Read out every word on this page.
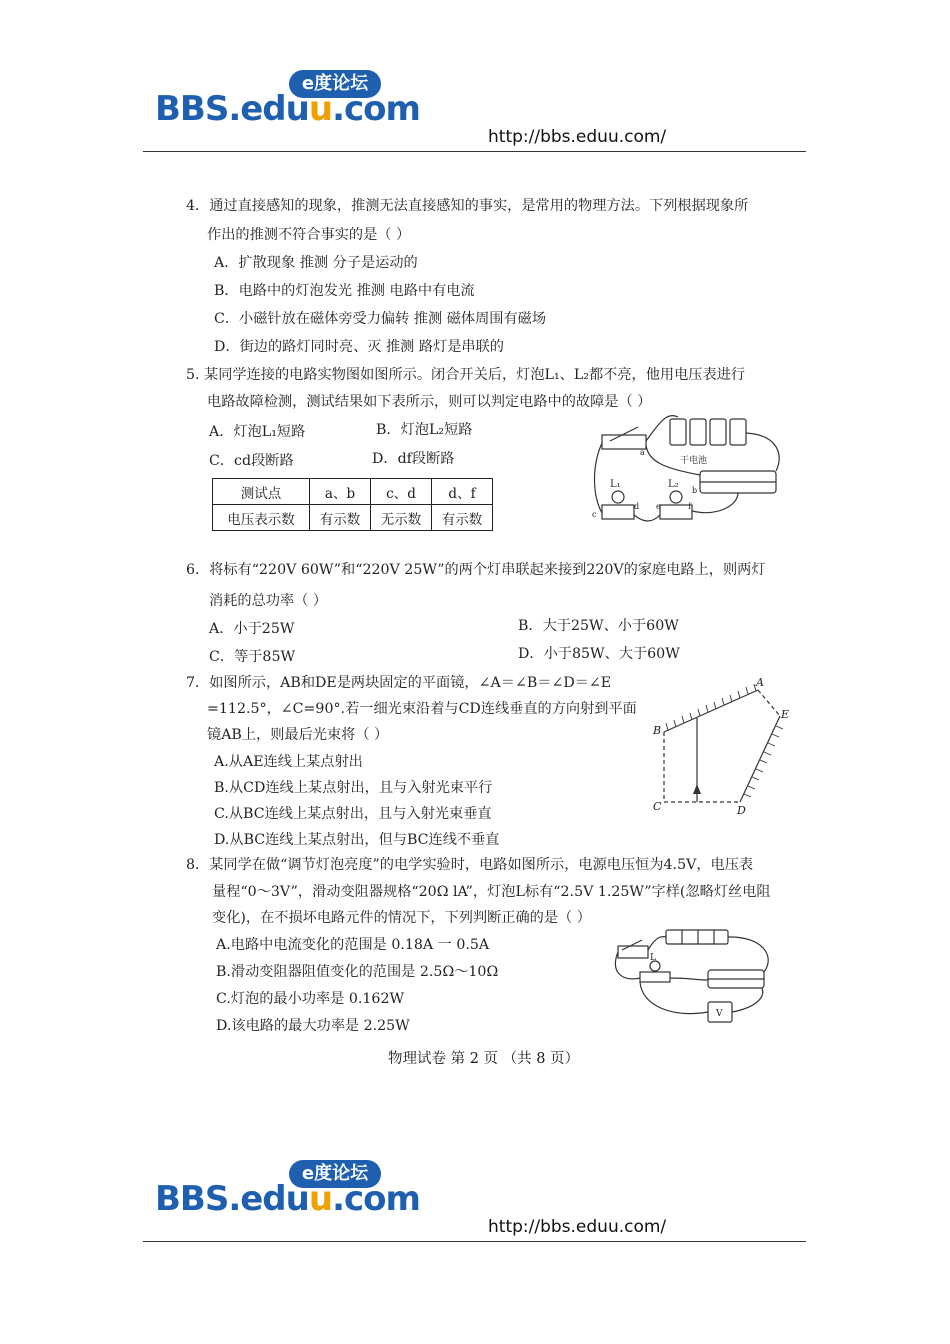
e度论坛
BBS.eduu.com
http://bbs.eduu.com/
4．通过直接感知的现象，推测无法直接感知的事实，是常用的物理方法。下列根据现象所
作出的推测不符合事实的是（ ）
A．扩散现象 推测 分子是运动的
B．电路中的灯泡发光 推测 电路中有电流
C．小磁针放在磁体旁受力偏转 推测 磁体周围有磁场
D．街边的路灯同时亮、灭 推测 路灯是串联的
5. 某同学连接的电路实物图如图所示。闭合开关后，灯泡L₁、L₂都不亮，他用电压表进行
电路故障检测，测试结果如下表所示，则可以判定电路中的故障是（ ）
A．灯泡L₁短路	B．灯泡L₂短路
C．cd段断路	D．df段断路
测试点	a、b	c、d	d、f
电压表示数	有示数	无示数	有示数
干电池
L₁	L₂
a
b
c
d e	f
6．将标有“220V 60W”和“220V 25W”的两个灯串联起来接到220V的家庭电路上，则两灯
消耗的总功率（ ）
A．小于25W	B．大于25W、小于60W
C．等于85W	D．小于85W、大于60W
7．如图所示，AB和DE是两块固定的平面镜，∠A＝∠B＝∠D＝∠E
=112.5°，∠C=90°.若一细光束沿着与CD连线垂直的方向射到平面
镜AB上，则最后光束将（ ）
A.从AE连线上某点射出
B.从CD连线上某点射出，且与入射光束平行
C.从BC连线上某点射出，且与入射光束垂直
D.从BC连线上某点射出，但与BC连线不垂直
A
B
C	D
E
8．某同学在做“调节灯泡亮度”的电学实验时，电路如图所示，电源电压恒为4.5V，电压表
量程“0～3V”，滑动变阻器规格“20Ω lA”，灯泡L标有“2.5V 1.25W”字样(忽略灯丝电阻
变化)，在不损坏电路元件的情况下，下列判断正确的是（ ）
A.电路中电流变化的范围是 0.18A 一 0.5A
B.滑动变阻器阻值变化的范围是 2.5Ω～10Ω
C.灯泡的最小功率是 0.162W
D.该电路的最大功率是 2.25W
L
V
物理试卷 第 2 页 （共 8 页）
e度论坛
BBS.eduu.com
http://bbs.eduu.com/
